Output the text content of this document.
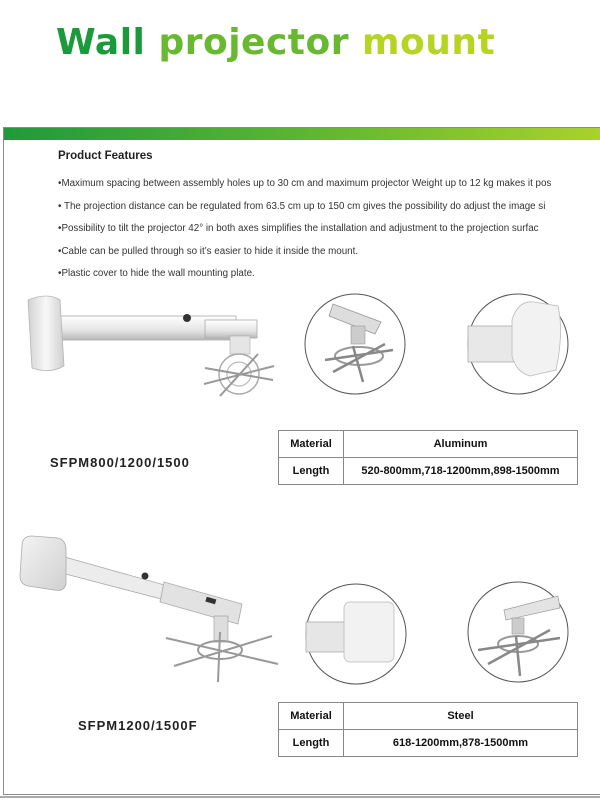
Wall projector mount
Product Features
• Maximum spacing between assembly holes up to 30 cm and maximum projector Weight up to 12 kg makes it pos
• The projection distance can be regulated from 63.5 cm up to 150 cm gives the possibility do adjust the image si
• Possibility to tilt the projector 42° in both axes simplifies the installation and adjustment to the projection surfac
• Cable can be pulled through so it’s easier to hide it inside the mount.
• Plastic cover to hide the wall mounting plate.
SFPM800/1200/1500
Material	Aluminum
Length	520-800mm,718-1200mm,898-1500mm
SFPM1200/1500F
Material	Steel
Length	618-1200mm,878-1500mm
